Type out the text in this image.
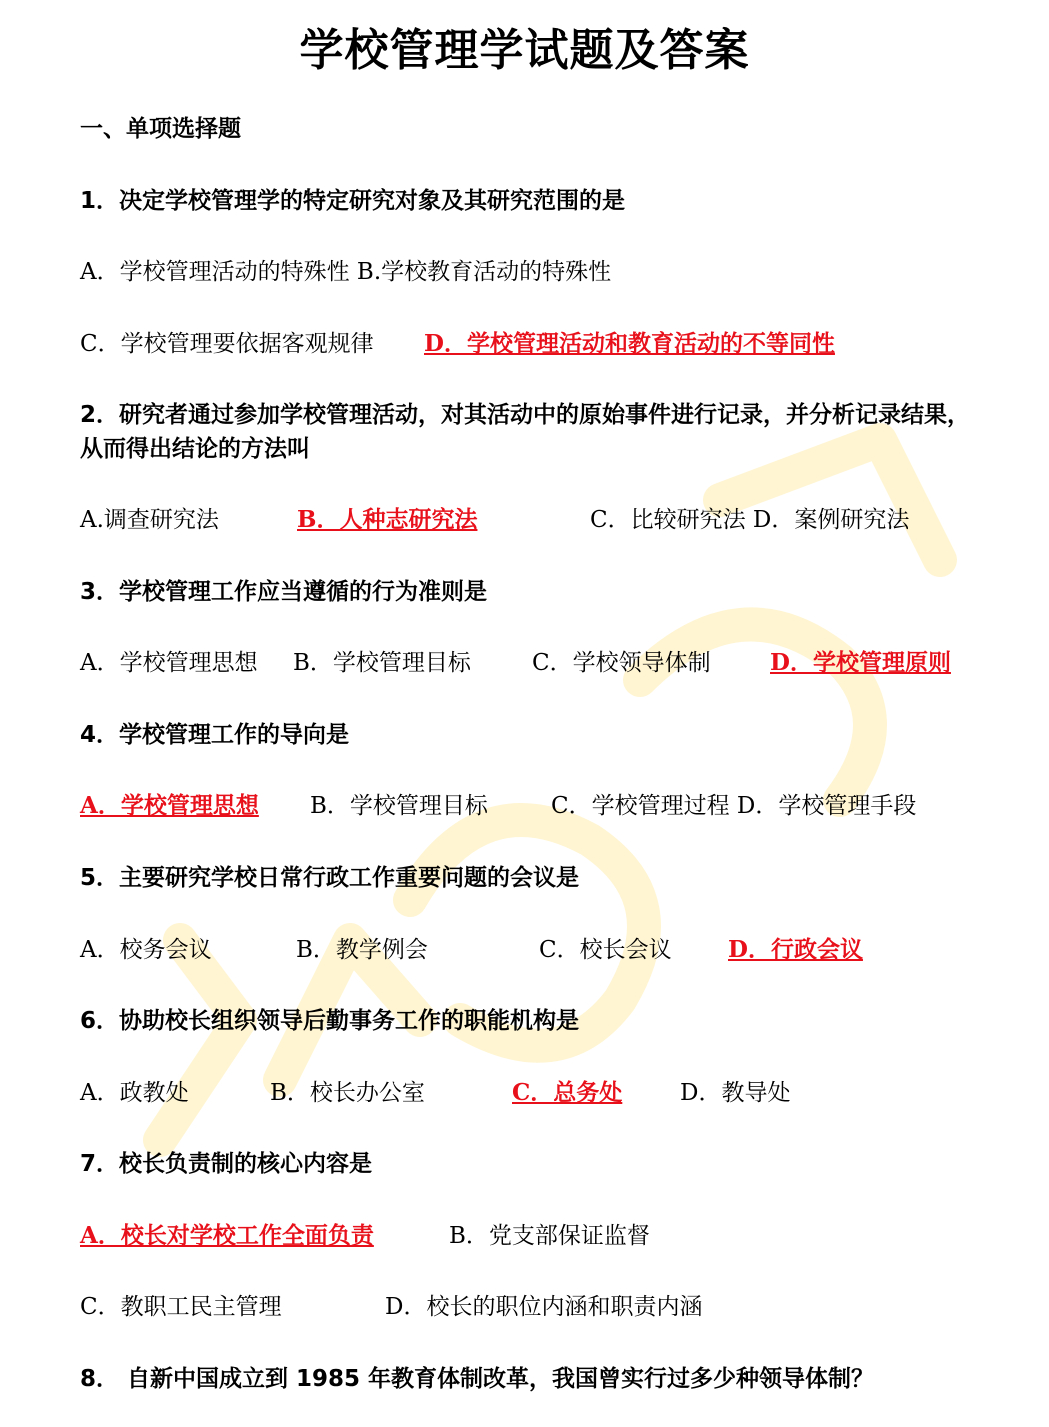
学校管理学试题及答案
一、单项选择题
1．决定学校管理学的特定研究对象及其研究范围的是
A．学校管理活动的特殊性 B.学校教育活动的特殊性
C．学校管理要依据客观规律 D．学校管理活动和教育活动的不等同性
2．研究者通过参加学校管理活动，对其活动中的原始事件进行记录，并分析记录结果，从而得出结论的方法叫
A.调查研究法	B．人种志研究法	C．比较研究法 D．案例研究法
3．学校管理工作应当遵循的行为准则是
A．学校管理思想 B．学校管理目标	C．学校领导体制	D．学校管理原则
4．学校管理工作的导向是
A．学校管理思想 B．学校管理目标	C．学校管理过程 D．学校管理手段
5．主要研究学校日常行政工作重要问题的会议是
A．校务会议	B．教学例会	C．校长会议	D．行政会议
6．协助校长组织领导后勤事务工作的职能机构是
A．政教处	B．校长办公室	C．总务处	D．教导处
7．校长负责制的核心内容是
A．校长对学校工作全面负责	B．党支部保证监督
C．教职工民主管理	D．校长的职位内涵和职责内涵
8． 自新中国成立到 1985 年教育体制改革，我国曾实行过多少种领导体制？
